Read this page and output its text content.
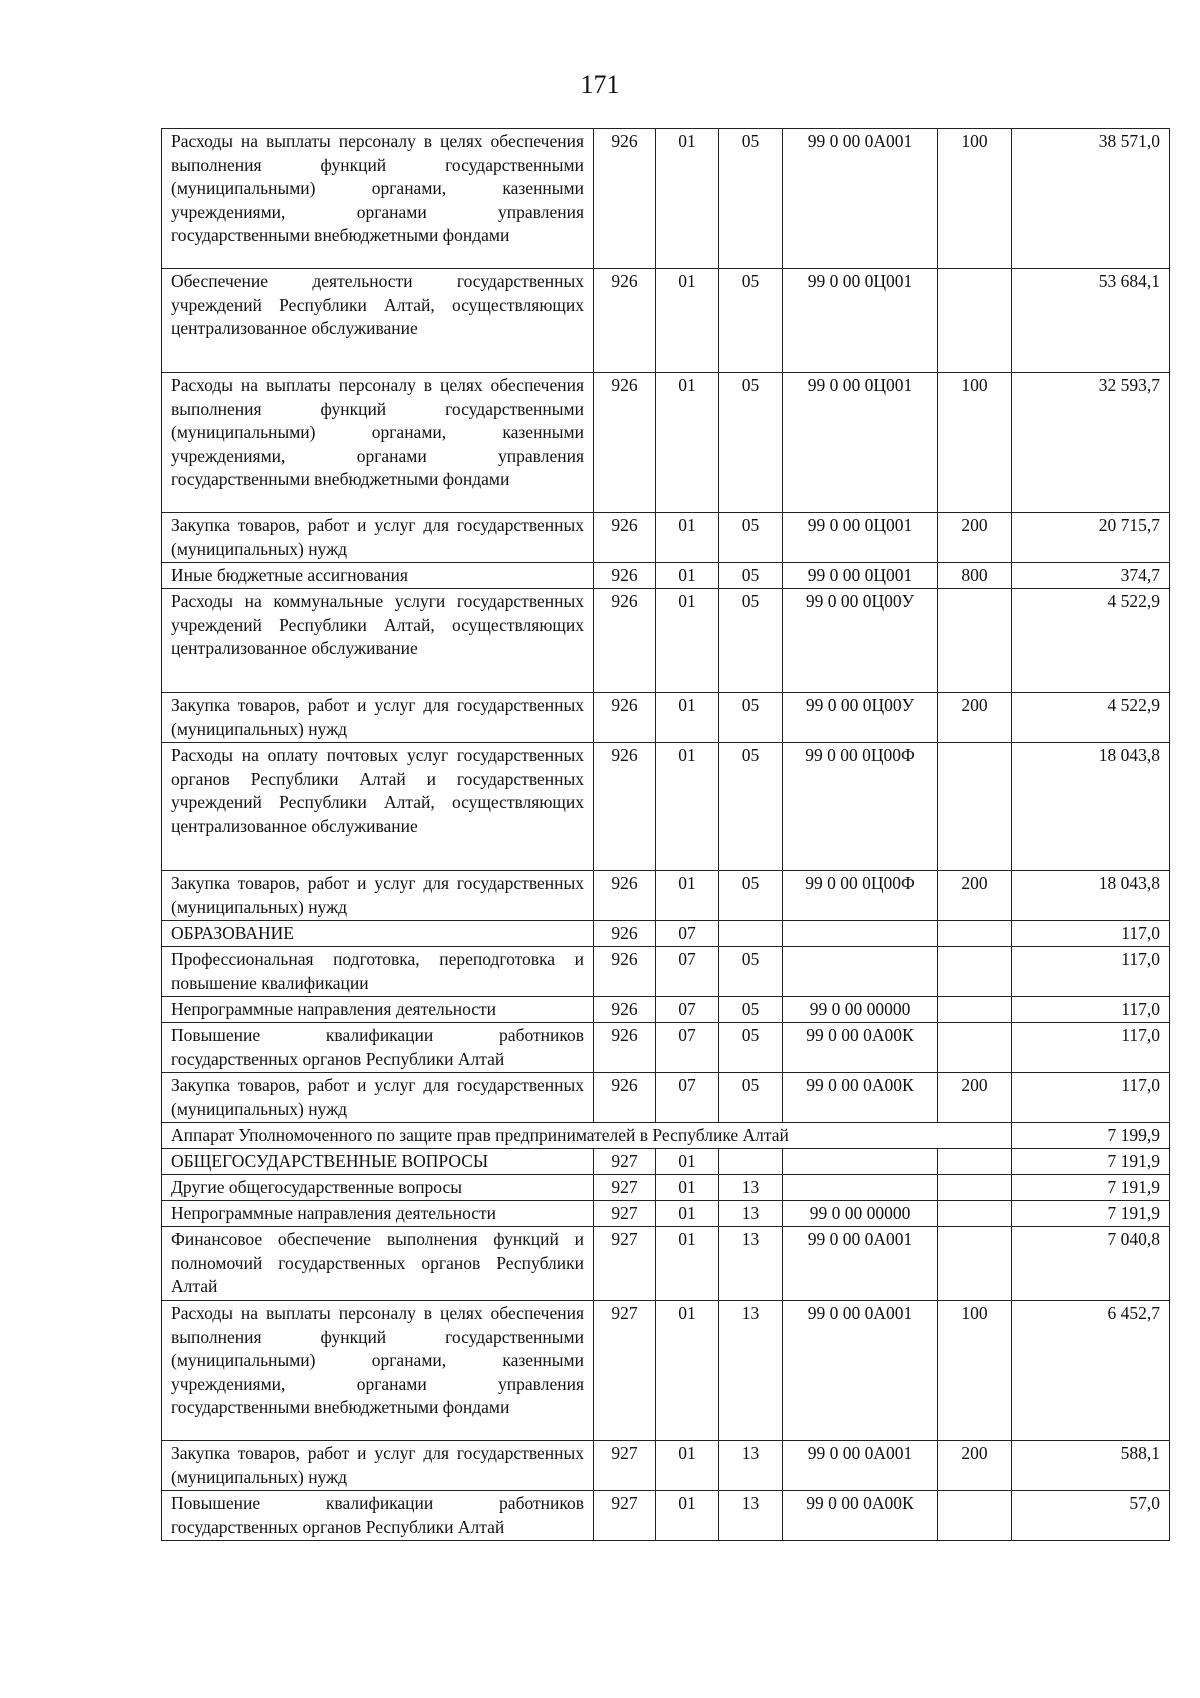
171
Расходы на выплаты персоналу в целях обеспечения выполнения функций государственными (муниципальными) органами, казенными учреждениями, органами управления государственными внебюджетными фондами	926	01	05	99 0 00 0А001	100	38 571,0
Обеспечение деятельности государственных учреждений Республики Алтай, осуществляющих централизованное обслуживание	926	01	05	99 0 00 0Ц001		53 684,1
Расходы на выплаты персоналу в целях обеспечения выполнения функций государственными (муниципальными) органами, казенными учреждениями, органами управления государственными внебюджетными фондами	926	01	05	99 0 00 0Ц001	100	32 593,7
Закупка товаров, работ и услуг для государственных (муниципальных) нужд	926	01	05	99 0 00 0Ц001	200	20 715,7
Иные бюджетные ассигнования	926	01	05	99 0 00 0Ц001	800	374,7
Расходы на коммунальные услуги государственных учреждений Республики Алтай, осуществляющих централизованное обслуживание	926	01	05	99 0 00 0Ц00У		4 522,9
Закупка товаров, работ и услуг для государственных (муниципальных) нужд	926	01	05	99 0 00 0Ц00У	200	4 522,9
Расходы на оплату почтовых услуг государственных органов Республики Алтай и государственных учреждений Республики Алтай, осуществляющих централизованное обслуживание	926	01	05	99 0 00 0Ц00Ф		18 043,8
Закупка товаров, работ и услуг для государственных (муниципальных) нужд	926	01	05	99 0 00 0Ц00Ф	200	18 043,8
ОБРАЗОВАНИЕ	926	07				117,0
Профессиональная подготовка, переподготовка и повышение квалификации	926	07	05			117,0
Непрограммные направления деятельности	926	07	05	99 0 00 00000		117,0
Повышение квалификации работников государственных органов Республики Алтай	926	07	05	99 0 00 0А00К		117,0
Закупка товаров, работ и услуг для государственных (муниципальных) нужд	926	07	05	99 0 00 0А00К	200	117,0
Аппарат Уполномоченного по защите прав предпринимателей в Республике Алтай						7 199,9
ОБЩЕГОСУДАРСТВЕННЫЕ ВОПРОСЫ	927	01				7 191,9
Другие общегосударственные вопросы	927	01	13			7 191,9
Непрограммные направления деятельности	927	01	13	99 0 00 00000		7 191,9
Финансовое обеспечение выполнения функций и полномочий государственных органов Республики Алтай	927	01	13	99 0 00 0А001		7 040,8
Расходы на выплаты персоналу в целях обеспечения выполнения функций государственными (муниципальными) органами, казенными учреждениями, органами управления государственными внебюджетными фондами	927	01	13	99 0 00 0А001	100	6 452,7
Закупка товаров, работ и услуг для государственных (муниципальных) нужд	927	01	13	99 0 00 0А001	200	588,1
Повышение квалификации работников государственных органов Республики Алтай	927	01	13	99 0 00 0А00К		57,0
